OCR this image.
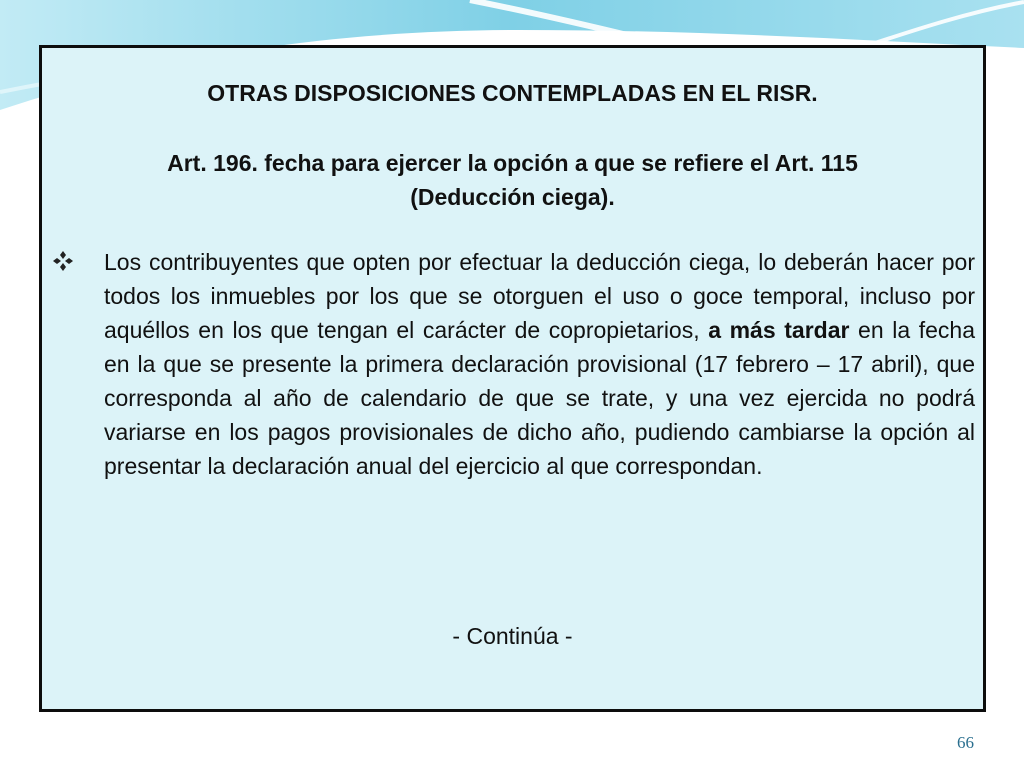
OTRAS DISPOSICIONES CONTEMPLADAS EN EL RISR.
Art. 196. fecha para ejercer la opción a que se refiere el Art. 115
(Deducción ciega).

Los contribuyentes que opten por efectuar la deducción ciega, lo deberán hacer por todos los inmuebles por los que se otorguen el uso o goce temporal, incluso por aquéllos en los que tengan el carácter de copropietarios, a más tardar en la fecha en la que se presente la primera declaración provisional (17 febrero – 17 abril), que corresponda al año de calendario de que se trate, y una vez ejercida no podrá variarse en los pagos provisionales de dicho año, pudiendo cambiarse la opción al presentar la declaración anual del ejercicio al que correspondan.

- Continúa -
66
